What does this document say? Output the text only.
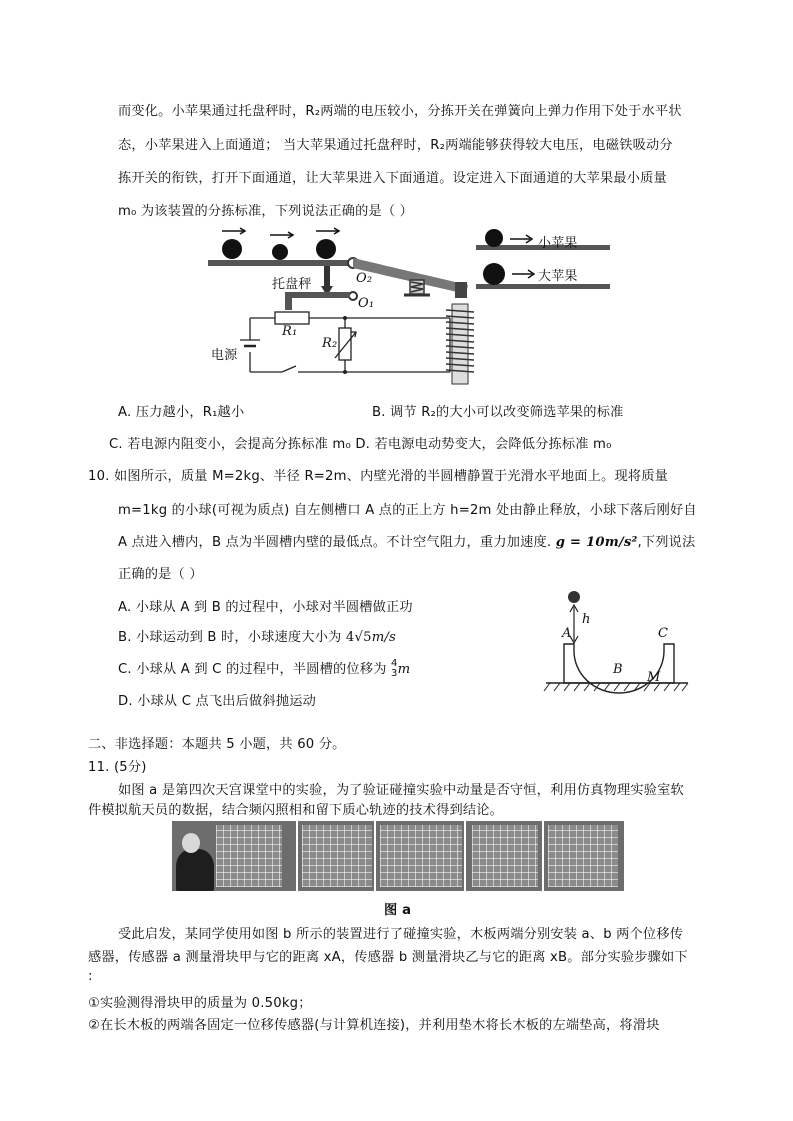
而变化。小苹果通过托盘秤时，R₂两端的电压较小，分拣开关在弹簧向上弹力作用下处于水平状
态，小苹果进入上面通道； 当大苹果通过托盘秤时，R₂两端能够获得较大电压，电磁铁吸动分
拣开关的衔铁，打开下面通道，让大苹果进入下面通道。设定进入下面通道的大苹果最小质量
m₀ 为该装置的分拣标准，下列说法正确的是（ ）
小苹果
大苹果
托盘秤	O₂
O₁
R₁
R₂
电源
A. 压力越小，R₁越小	B. 调节 R₂的大小可以改变筛选苹果的标准
C. 若电源内阻变小，会提高分拣标准 m₀ D. 若电源电动势变大，会降低分拣标准 m₀
10. 如图所示，质量 M=2kg、半径 R=2m、内壁光滑的半圆槽静置于光滑水平地面上。现将质量
m=1kg 的小球(可视为质点) 自左侧槽口 A 点的正上方 h=2m 处由静止释放，小球下落后刚好自
A 点进入槽内，B 点为半圆槽内壁的最低点。不计空气阻力，重力加速度. g = 10m/s²,下列说法
正确的是（ ）
A. 小球从 A 到 B 的过程中，小球对半圆槽做正功
B. 小球运动到 B 时，小球速度大小为 4√5m/s
C. 小球从 A 到 C 的过程中，半圆槽的位移为 4
3 m
D. 小球从 C 点飞出后做斜抛运动
h
A	C
B
M
二、非选择题：本题共 5 小题，共 60 分。
11. (5分)
如图 a 是第四次天宫课堂中的实验，为了验证碰撞实验中动量是否守恒，利用仿真物理实验室软
件模拟航天员的数据，结合频闪照相和留下质心轨迹的技术得到结论。
图 a
受此启发，某同学使用如图 b 所示的装置进行了碰撞实验，木板两端分别安装 a、b 两个位移传
感器，传感器 a 测量滑块甲与它的距离 xA，传感器 b 测量滑块乙与它的距离 xB。部分实验步骤如下
:
①实验测得滑块甲的质量为 0.50kg；
②在长木板的两端各固定一位移传感器(与计算机连接)，并利用垫木将长木板的左端垫高，将滑块
